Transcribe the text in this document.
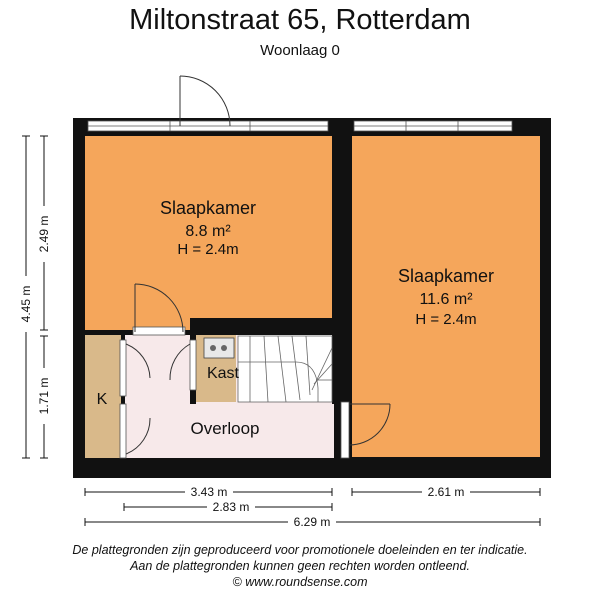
Miltonstraat 65, Rotterdam
Woonlaag 0
Slaapkamer
8.8 m²
H = 2.4m
Slaapkamer
11.6 m²
H = 2.4m
Kast
K
Overloop
4.45 m
2.49 m
1.71 m
3.43 m	2.61 m
2.83 m
6.29 m
De plattegronden zijn geproduceerd voor promotionele doeleinden en ter indicatie.
Aan de plattegronden kunnen geen rechten worden ontleend.
© www.roundsense.com
